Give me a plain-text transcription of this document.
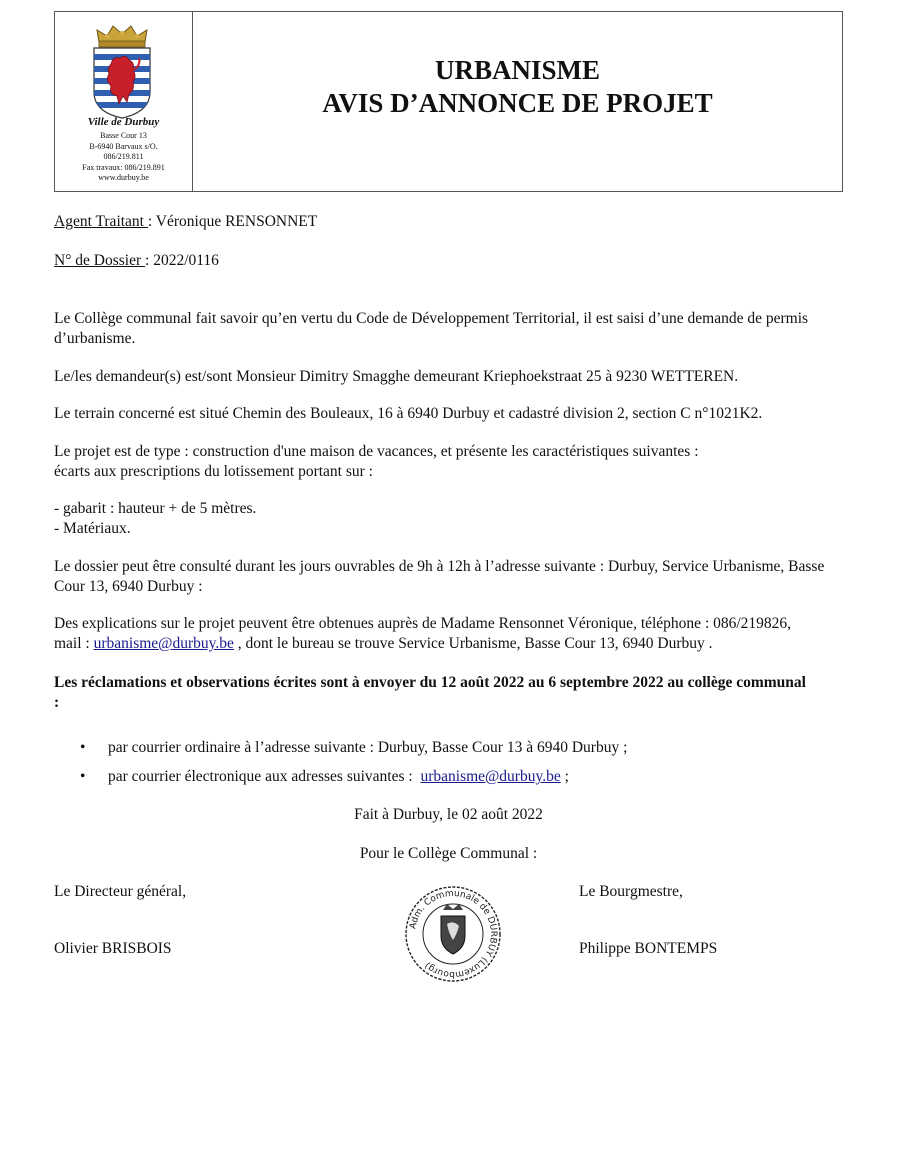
Ville de Durbuy
Basse Cour 13
B-6940 Barvaux s/O.
086/219.811
Fax travaux: 086/219.891
www.durbuy.be
URBANISME
AVIS D’ANNONCE DE PROJET
Agent Traitant : Véronique RENSONNET
N° de Dossier : 2022/0116
Le Collège communal fait savoir qu’en vertu du Code de Développement Territorial, il est saisi d’une demande de permis d’urbanisme.
Le/les demandeur(s) est/sont Monsieur Dimitry Smagghe demeurant Kriephoekstraat 25 à 9230 WETTEREN.
Le terrain concerné est situé Chemin des Bouleaux, 16 à 6940 Durbuy et cadastré division 2, section C n°1021K2.
Le projet est de type : construction d'une maison de vacances, et présente les caractéristiques suivantes :
écarts aux prescriptions du lotissement portant sur :
- gabarit : hauteur + de 5 mètres.
- Matériaux.
Le dossier peut être consulté durant les jours ouvrables de 9h à 12h à l’adresse suivante : Durbuy, Service Urbanisme, Basse Cour 13, 6940 Durbuy :
Des explications sur le projet peuvent être obtenues auprès de Madame Rensonnet Véronique, téléphone : 086/219826,
mail : urbanisme@durbuy.be , dont le bureau se trouve Service Urbanisme, Basse Cour 13, 6940 Durbuy .
Les réclamations et observations écrites sont à envoyer du 12 août 2022 au 6 septembre 2022 au collège communal :
• par courrier ordinaire à l’adresse suivante : Durbuy, Basse Cour 13 à 6940 Durbuy ;
• par courrier électronique aux adresses suivantes :  urbanisme@durbuy.be ;
Fait à Durbuy, le 02 août 2022
Pour le Collège Communal :
Le Directeur général,
Olivier BRISBOIS
Le Bourgmestre,
Philippe BONTEMPS
Adm. Communale de DURBUY (Luxembourg)
